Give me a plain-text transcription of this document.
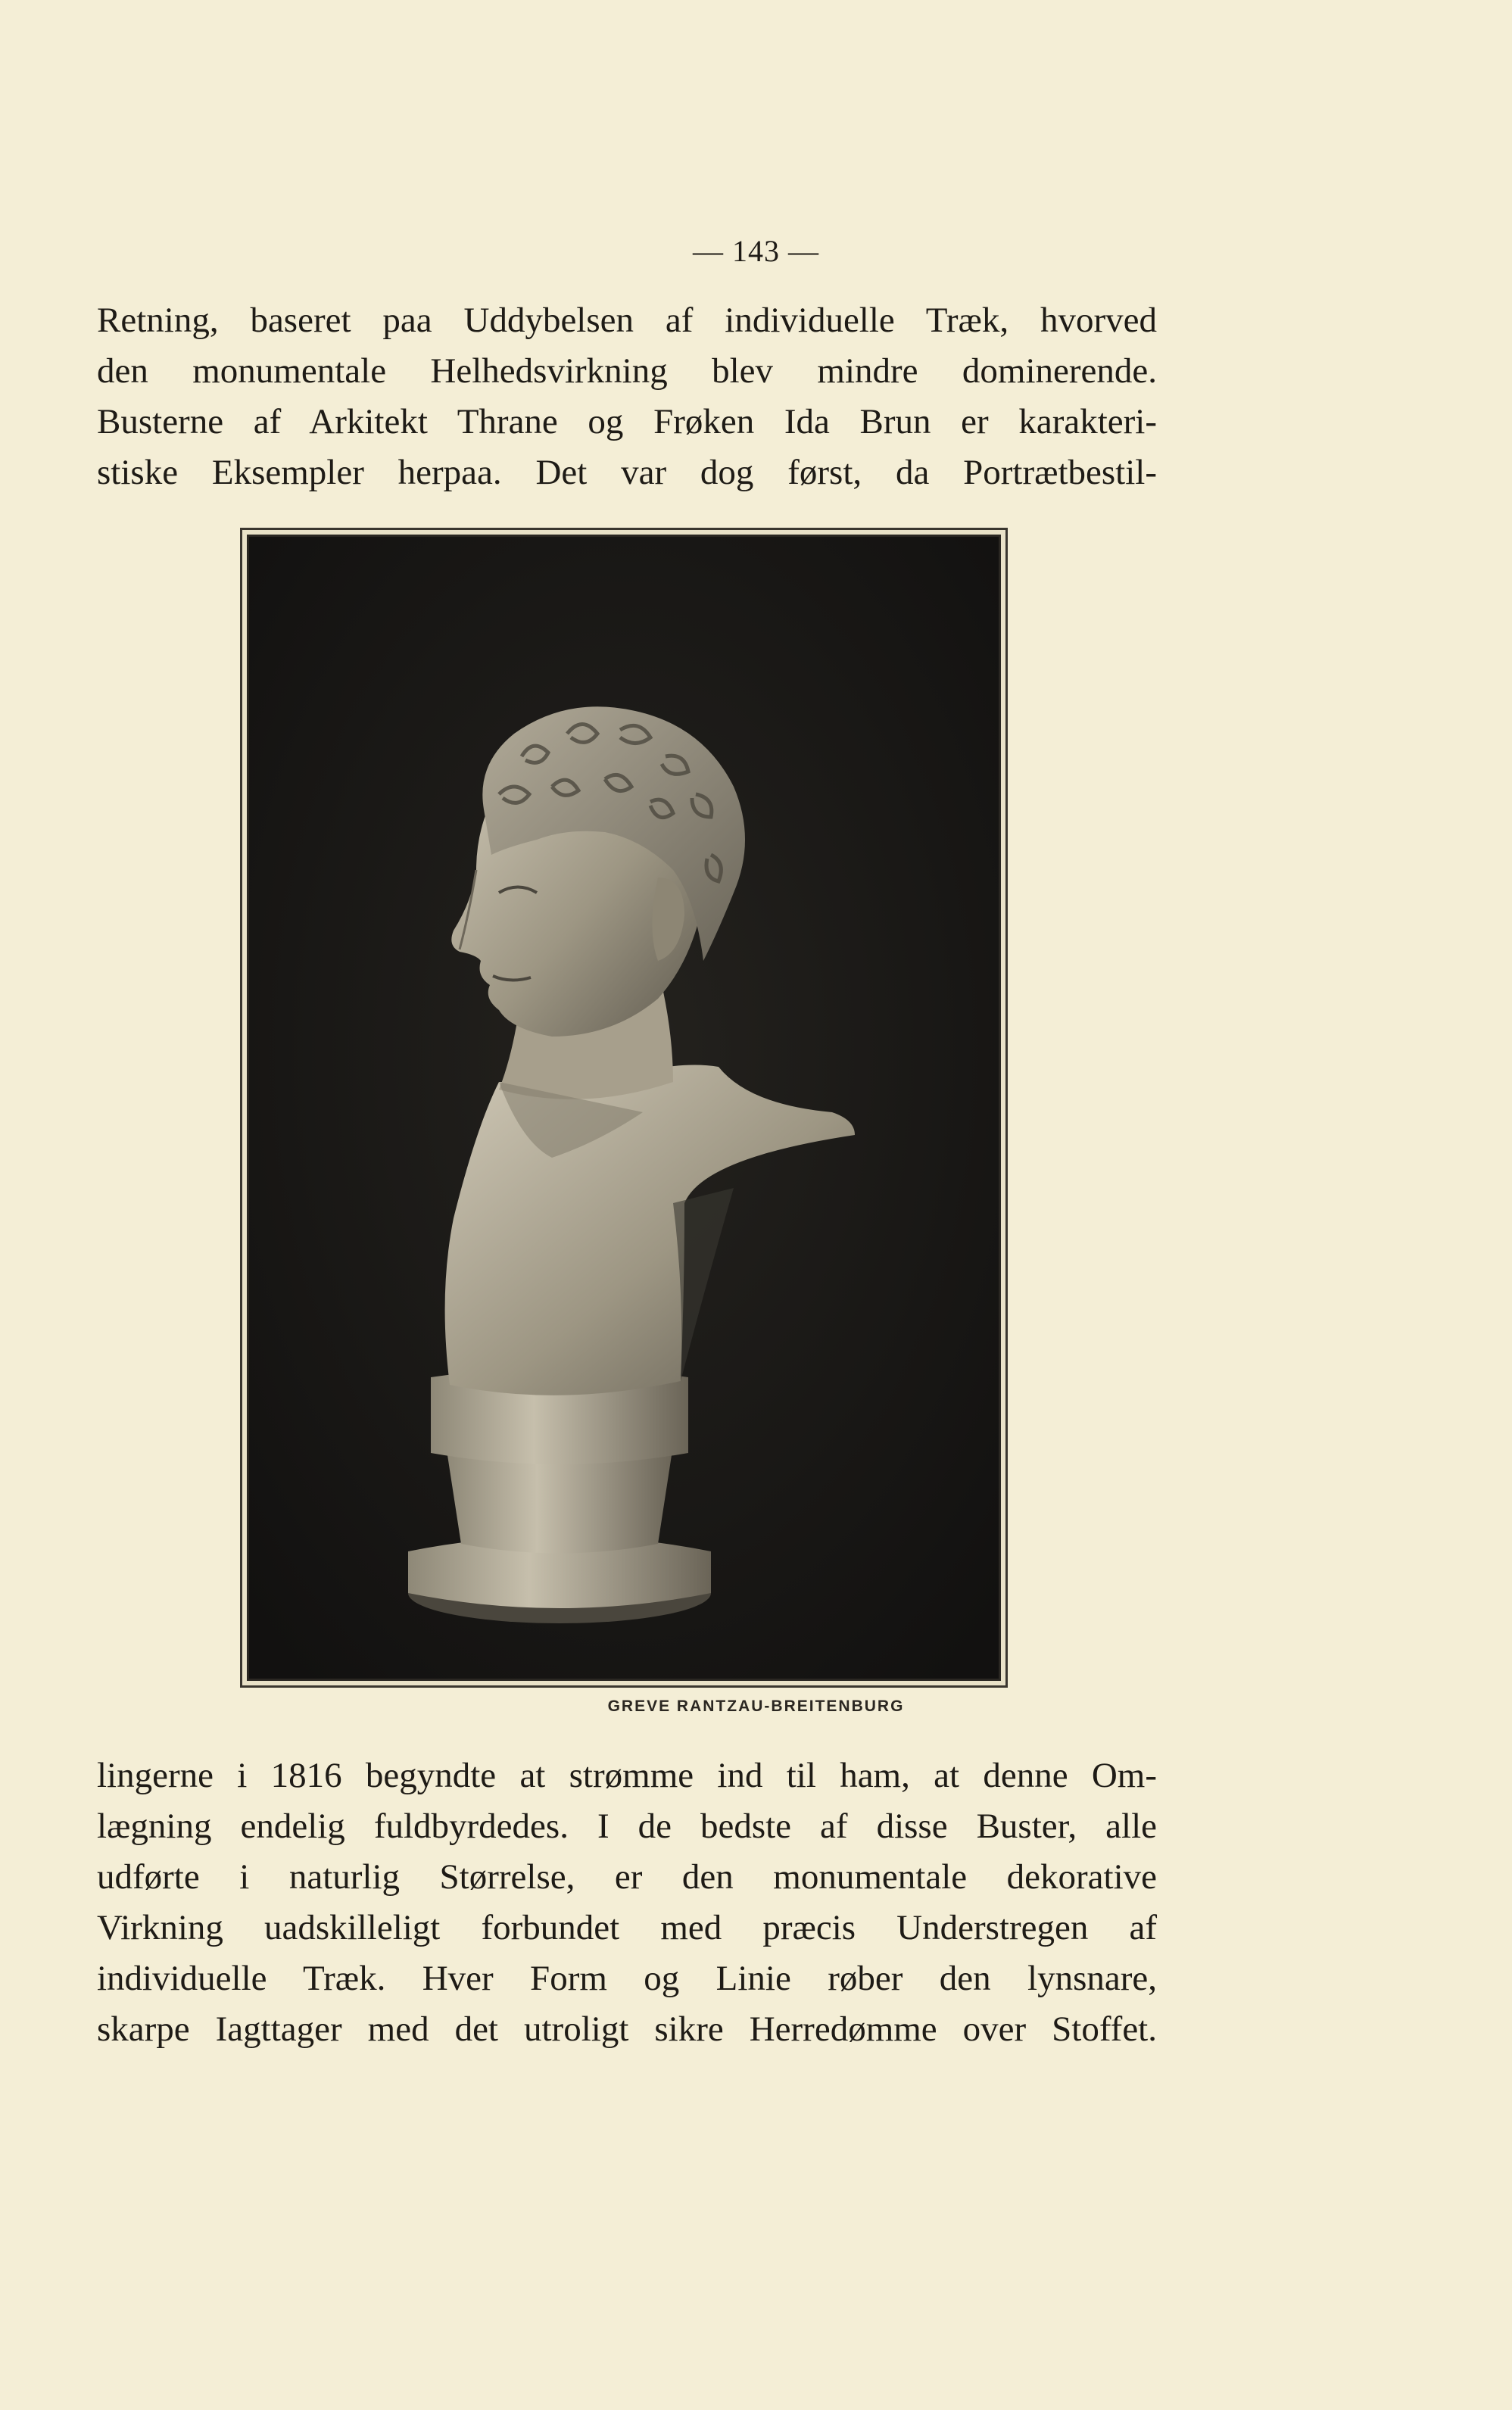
— 143 —
Retning, baseret paa Uddybelsen af individuelle Træk, hvorved
den monumentale Helhedsvirkning blev mindre dominerende.
Busterne af Arkitekt Thrane og Frøken Ida Brun er karakteri-
stiske Eksempler herpaa. Det var dog først, da Portrætbestil-
GREVE RANTZAU-BREITENBURG
lingerne i 1816 begyndte at strømme ind til ham, at denne Om-
lægning endelig fuldbyrdedes. I de bedste af disse Buster, alle
udførte i naturlig Størrelse, er den monumentale dekorative
Virkning uadskilleligt forbundet med præcis Understregen af
individuelle Træk. Hver Form og Linie røber den lynsnare,
skarpe Iagttager med det utroligt sikre Herredømme over Stoffet.
